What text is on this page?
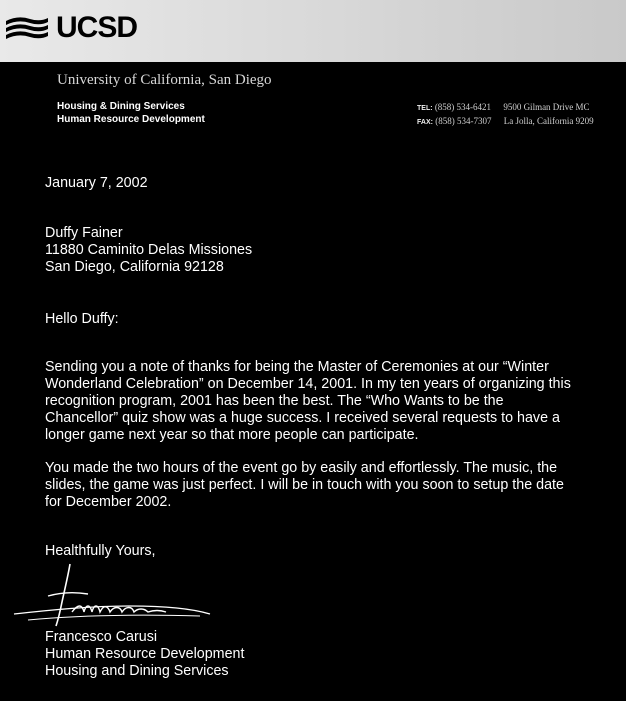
UCSD
University of California, San Diego
Housing & Dining Services
Human Resource Development
TEL: (858) 534-6421 9500 Gilman Drive MC
FAX: (858) 534-7307 La Jolla, California 9209
January 7, 2002
Duffy Fainer
11880 Caminito Delas Missiones
San Diego, California 92128
Hello Duffy:
Sending you a note of thanks for being the Master of Ceremonies at our “Winter
Wonderland Celebration” on December 14, 2001. In my ten years of organizing this
recognition program, 2001 has been the best. The “Who Wants to be the
Chancellor” quiz show was a huge success. I received several requests to have a
longer game next year so that more people can participate.
You made the two hours of the event go by easily and effortlessly. The music, the
slides, the game was just perfect. I will be in touch with you soon to setup the date
for December 2002.
Healthfully Yours,
Francesco Carusi
Human Resource Development
Housing and Dining Services
